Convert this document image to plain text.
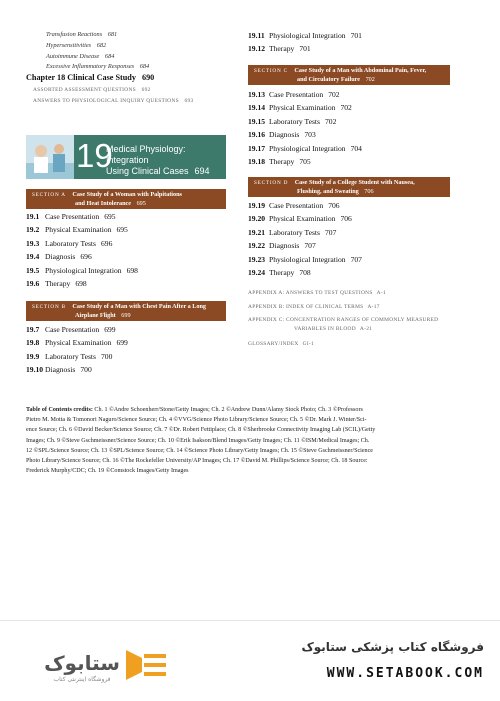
Transfusion Reactions 681
Hypersensitivities 682
Autoimmune Disease 684
Excessive Inflammatory Responses 684
Chapter 18 Clinical Case Study 690
ASSORTED ASSESSMENT QUESTIONS 692
ANSWERS TO PHYSIOLOGICAL INQUIRY QUESTIONS 693
19
Medical Physiology: Integration
Using Clinical Cases 694
SECTION A Case Study of a Woman with Palpitations
and Heat Intolerance 695
19.1 Case Presentation 695
19.2 Physical Examination 695
19.3 Laboratory Tests 696
19.4 Diagnosis 696
19.5 Physiological Integration 698
19.6 Therapy 698
SECTION B Case Study of a Man with Chest Pain After a Long
Airplane Flight 699
19.7 Case Presentation 699
19.8 Physical Examination 699
19.9 Laboratory Tests 700
19.10 Diagnosis 700
19.11 Physiological Integration 701
19.12 Therapy 701
SECTION C Case Study of a Man with Abdominal Pain, Fever,
and Circulatory Failure 702
19.13 Case Presentation 702
19.14 Physical Examination 702
19.15 Laboratory Tests 702
19.16 Diagnosis 703
19.17 Physiological Integration 704
19.18 Therapy 705
SECTION D Case Study of a College Student with Nausea,
Flushing, and Sweating 706
19.19 Case Presentation 706
19.20 Physical Examination 706
19.21 Laboratory Tests 707
19.22 Diagnosis 707
19.23 Physiological Integration 707
19.24 Therapy 708
APPENDIX A: ANSWERS TO TEST QUESTIONS A-1
APPENDIX B: INDEX OF CLINICAL TERMS A-17
APPENDIX C: CONCENTRATION RANGES OF COMMONLY MEASURED
VARIABLES IN BLOOD A-21
GLOSSARY/INDEX GI-1
Table of Contents credits: Ch. 1 ©Andre Schoenherr/Stone/Getty Images; Ch. 2 ©Andrew Dunn/Alamy Stock Photo; Ch. 3 ©Professors
Pietro M. Motta & Tomonori Naguro/Science Source; Ch. 4 ©VVG/Science Photo Library/Science Source; Ch. 5 ©Dr. Mark J. Winter/Sci-
ence Source; Ch. 6 ©David Becker/Science Source; Ch. 7 ©Dr. Robert Fettiplace; Ch. 8 ©Sherbrooke Connectivity Imaging Lab (SCIL)/Getty
Images; Ch. 9 ©Steve Gschmeissner/Science Source; Ch. 10 ©Erik Isakson/Blend Images/Getty Images; Ch. 11 ©ISM/Medical Images; Ch.
12 ©SPL/Science Source; Ch. 13 ©SPL/Science Source; Ch. 14 ©Science Photo Library/Getty Images; Ch. 15 ©Steve Gschmeissner/Science
Photo Library/Science Source; Ch. 16 ©The Rockefeller University/AP Images; Ch. 17 ©David M. Phillips/Science Source; Ch. 18 Source:
Frederick Murphy/CDC; Ch. 19 ©Comstock Images/Getty Images
ستابوک
فروشگاه اینترنتی کتاب
فروشگاه کتاب پزشکی ستابوک
WWW.SETABOOK.COM
